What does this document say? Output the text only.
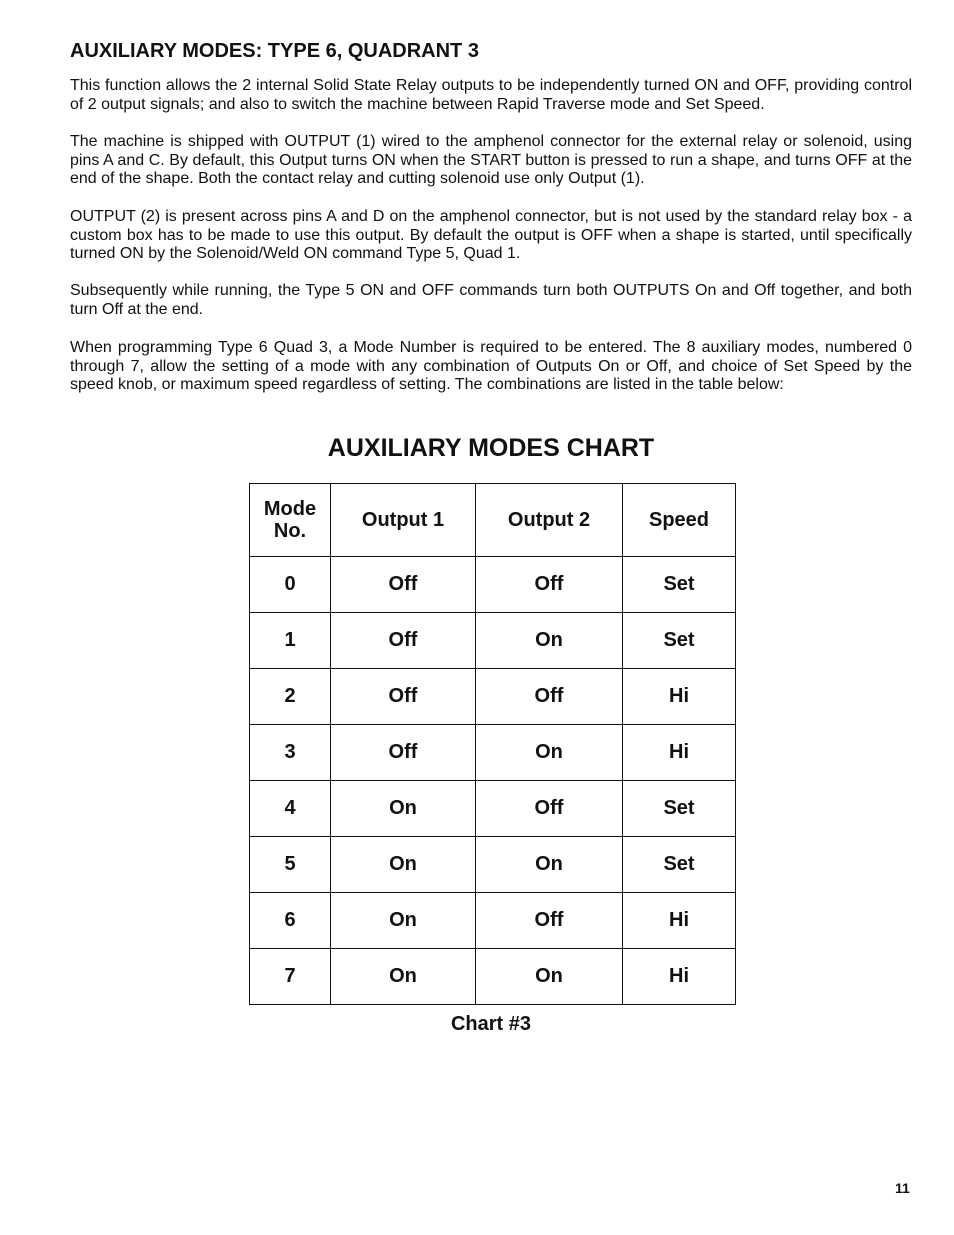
AUXILIARY MODES: TYPE 6, QUADRANT 3

This function allows the 2 internal Solid State Relay outputs to be independently turned ON and OFF, providing control of 2 output signals; and also to switch the machine between Rapid Traverse mode and Set Speed.

The machine is shipped with OUTPUT (1) wired to the amphenol connector for the external relay or solenoid, using pins A and C. By default, this Output turns ON when the START button is pressed to run a shape, and turns OFF at the end of the shape. Both the contact relay and cutting solenoid use only Output (1).

OUTPUT (2) is present across pins A and D on the amphenol connector, but is not used by the standard relay box - a custom box has to be made to use this output. By default the output is OFF when a shape is started, until specifically turned ON by the Solenoid/Weld ON command Type 5, Quad 1.

Subsequently while running, the Type 5 ON and OFF commands turn both OUTPUTS On and Off together, and both turn Off at the end.

When programming Type 6 Quad 3, a Mode Number is required to be entered. The 8 auxiliary modes, numbered 0 through 7, allow the setting of a mode with any combination of Outputs On or Off, and choice of Set Speed by the speed knob, or maximum speed regardless of setting. The combinations are listed in the table below:

AUXILIARY MODES CHART
Mode
No.	Output 1	Output 2	Speed
0	Off	Off	Set
1	Off	On	Set
2	Off	Off	Hi
3	Off	On	Hi
4	On	Off	Set
5	On	On	Set
6	On	Off	Hi
7	On	On	Hi

Chart #3

11
